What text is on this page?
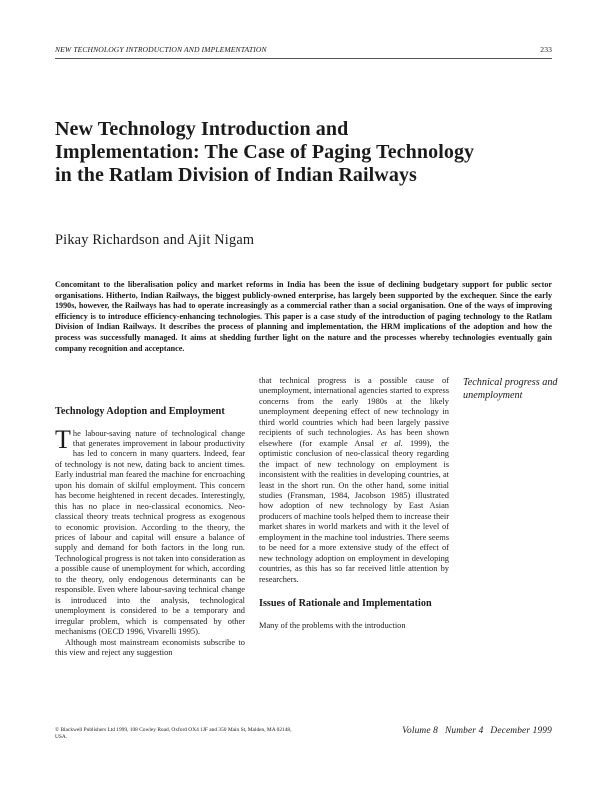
NEW TECHNOLOGY INTRODUCTION AND IMPLEMENTATION	233
New Technology Introduction and Implementation: The Case of Paging Technology in the Ratlam Division of Indian Railways
Pikay Richardson and Ajit Nigam

Concomitant to the liberalisation policy and market reforms in India has been the issue of declining budgetary support for public sector organisations. Hitherto, Indian Railways, the biggest publicly-owned enterprise, has largely been supported by the exchequer. Since the early 1990s, however, the Railways has had to operate increasingly as a commercial rather than a social organisation. One of the ways of improving efficiency is to introduce efficiency-enhancing technologies. This paper is a case study of the introduction of paging technology to the Ratlam Division of Indian Railways. It describes the process of planning and implementation, the HRM implications of the adoption and how the process was successfully managed. It aims at shedding further light on the nature and the processes whereby technologies eventually gain company recognition and acceptance.

Technology Adoption and Employment

The labour-saving nature of technological change that generates improvement in labour productivity has led to concern in many quarters. Indeed, fear of technology is not new, dating back to ancient times. Early industrial man feared the machine for encroaching upon his domain of skilful employment. This concern has become heightened in recent decades. Interestingly, this has no place in neo-classical economics. Neo-classical theory treats technical progress as exogenous to economic provision. According to the theory, the prices of labour and capital will ensure a balance of supply and demand for both factors in the long run. Technological progress is not taken into consideration as a possible cause of unemployment for which, according to the theory, only endogenous determinants can be responsible. Even where labour-saving technical change is introduced into the analysis, technological unemployment is considered to be a temporary and irregular problem, which is compensated by other mechanisms (OECD 1996, Vivarelli 1995).

Although most mainstream economists subscribe to this view and reject any suggestion

that technical progress is a possible cause of unemployment, international agencies started to express concerns from the early 1980s at the likely unemployment deepening effect of new technology in third world countries which had been largely passive recipients of such technologies. As has been shown elsewhere (for example Ansal et al. 1999), the optimistic conclusion of neo-classical theory regarding the impact of new technology on employment is inconsistent with the realities in developing countries, at least in the short run. On the other hand, some initial studies (Fransman, 1984, Jacobson 1985) illustrated how adoption of new technology by East Asian producers of machine tools helped them to increase their market shares in world markets and with it the level of employment in the machine tool industries. There seems to be need for a more extensive study of the effect of new technology adoption on employment in developing countries, as this has so far received little attention by researchers.

Issues of Rationale and Implementation

Many of the problems with the introduction

Technical progress and unemployment
© Blackwell Publishers Ltd 1999, 108 Cowley Road, Oxford OX4 1JF and 350 Main St, Malden, MA 02148, USA.
Volume 8 Number 4 December 1999
